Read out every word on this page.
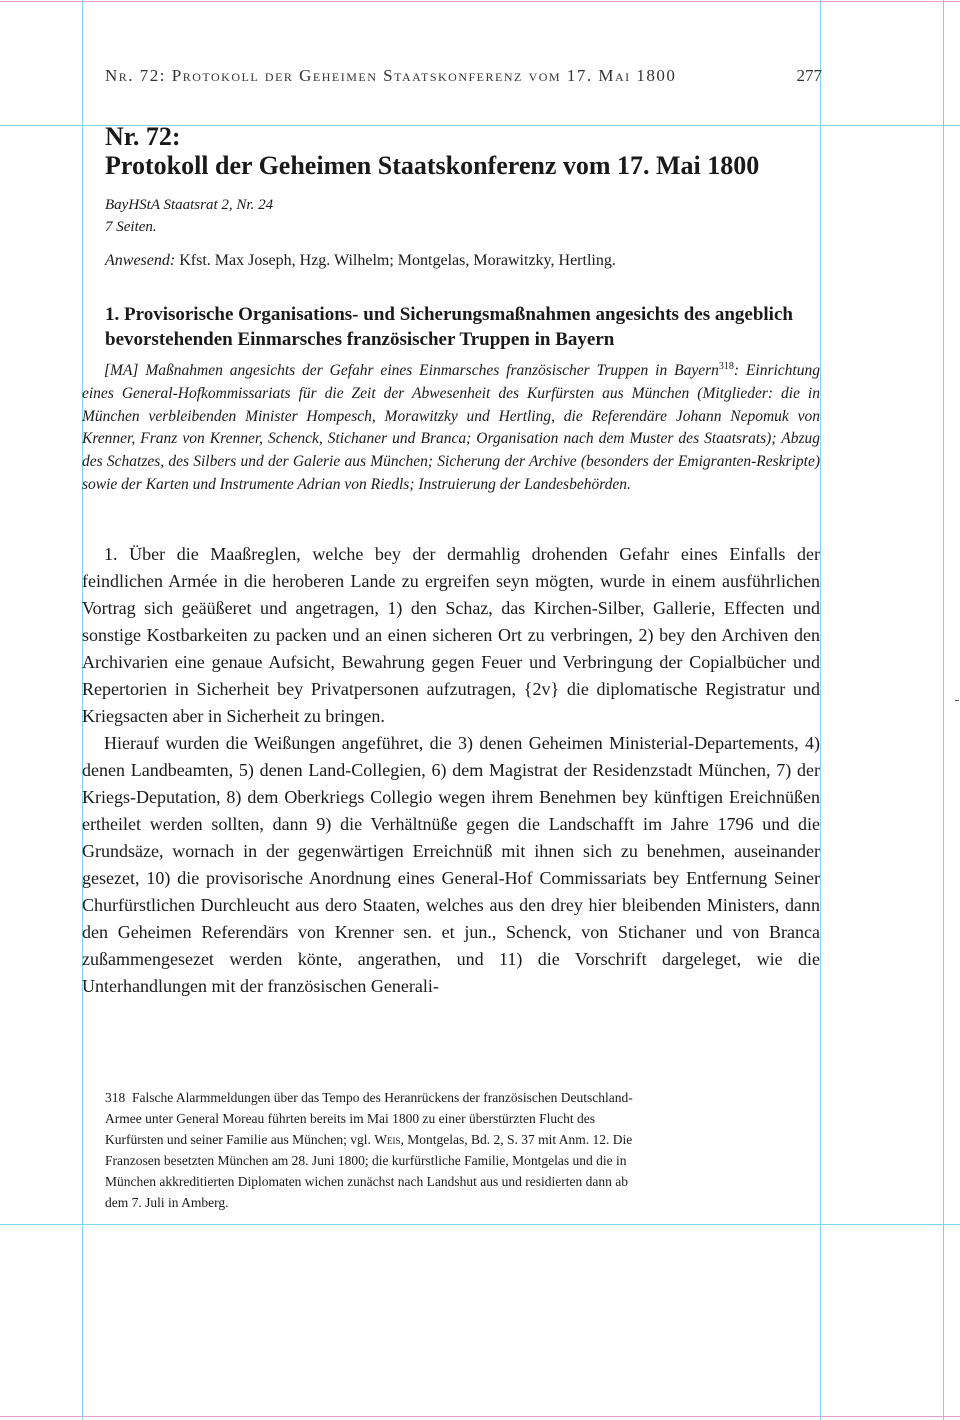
Nr. 72: Protokoll der Geheimen Staatskonferenz vom 17. Mai 1800	277
Nr. 72:
Protokoll der Geheimen Staatskonferenz vom 17. Mai 1800
BayHStA Staatsrat 2, Nr. 24
7 Seiten.
Anwesend: Kfst. Max Joseph, Hzg. Wilhelm; Montgelas, Morawitzky, Hertling.
1. Provisorische Organisations- und Sicherungsmaßnahmen angesichts des angeblich bevorstehenden Einmarsches französischer Truppen in Bayern
[MA] Maßnahmen angesichts der Gefahr eines Einmarsches französischer Truppen in Bayern$^{318}$: Einrichtung eines General-Hofkommissariats für die Zeit der Abwesenheit des Kurfürsten aus München (Mitglieder: die in München verbleibenden Minister Hompesch, Morawitzky und Hertling, die Referendäre Johann Nepomuk von Krenner, Franz von Krenner, Schenck, Stichaner und Branca; Organisation nach dem Muster des Staatsrats); Abzug des Schatzes, des Silbers und der Galerie aus München; Sicherung der Archive (besonders der Emigranten-Reskripte) sowie der Karten und Instrumente Adrian von Riedls; Instruierung der Landesbehörden.

1. Über die Maaßreglen, welche bey der dermahlig drohenden Gefahr eines Einfalls der feindlichen Armée in die heroberen Lande zu ergreifen seyn mögten, wurde in einem ausführlichen Vortrag sich geäüßeret und angetragen, 1) den Schaz, das Kirchen-Silber, Gallerie, Effecten und sonstige Kostbarkeiten zu packen und an einen sicheren Ort zu verbringen, 2) bey den Archiven den Archivarien eine genaue Aufsicht, Bewahrung gegen Feuer und Verbringung der Copialbücher und Repertorien in Sicherheit bey Privatpersonen aufzutragen, {2v} die diplomatische Registratur und Kriegsacten aber in Sicherheit zu bringen.

Hierauf wurden die Weißungen angeführet, die 3) denen Geheimen Ministerial-Departements, 4) denen Landbeamten, 5) denen Land-Collegien, 6) dem Magistrat der Residenzstadt München, 7) der Kriegs-Deputation, 8) dem Oberkriegs Collegio wegen ihrem Benehmen bey künftigen Ereichnüßen ertheilet werden sollten, dann 9) die Verhältnüße gegen die Landschafft im Jahre 1796 und die Grundsäze, wornach in der gegenwärtigen Erreichnüß mit ihnen sich zu benehmen, auseinander gesezet, 10) die provisorische Anordnung eines General-Hof Commissariats bey Entfernung Seiner Churfürstlichen Durchleucht aus dero Staaten, welches aus den drey hier bleibenden Ministers, dann den Geheimen Referendärs von Krenner sen. et jun., Schenck, von Stichaner und von Branca zußammengesezet werden könte, angerathen, und 11) die Vorschrift dargeleget, wie die Unterhandlungen mit der französischen Generali-

318 Falsche Alarmmeldungen über das Tempo des Heranrückens der französischen Deutschland-Armee unter General Moreau führten bereits im Mai 1800 zu einer überstürzten Flucht des Kurfürsten und seiner Familie aus München; vgl. Weis, Montgelas, Bd. 2, S. 37 mit Anm. 12. Die Franzosen besetzten München am 28. Juni 1800; die kurfürstliche Familie, Montgelas und die in München akkreditierten Diplomaten wichen zunächst nach Landshut aus und residierten dann ab dem 7. Juli in Amberg.
